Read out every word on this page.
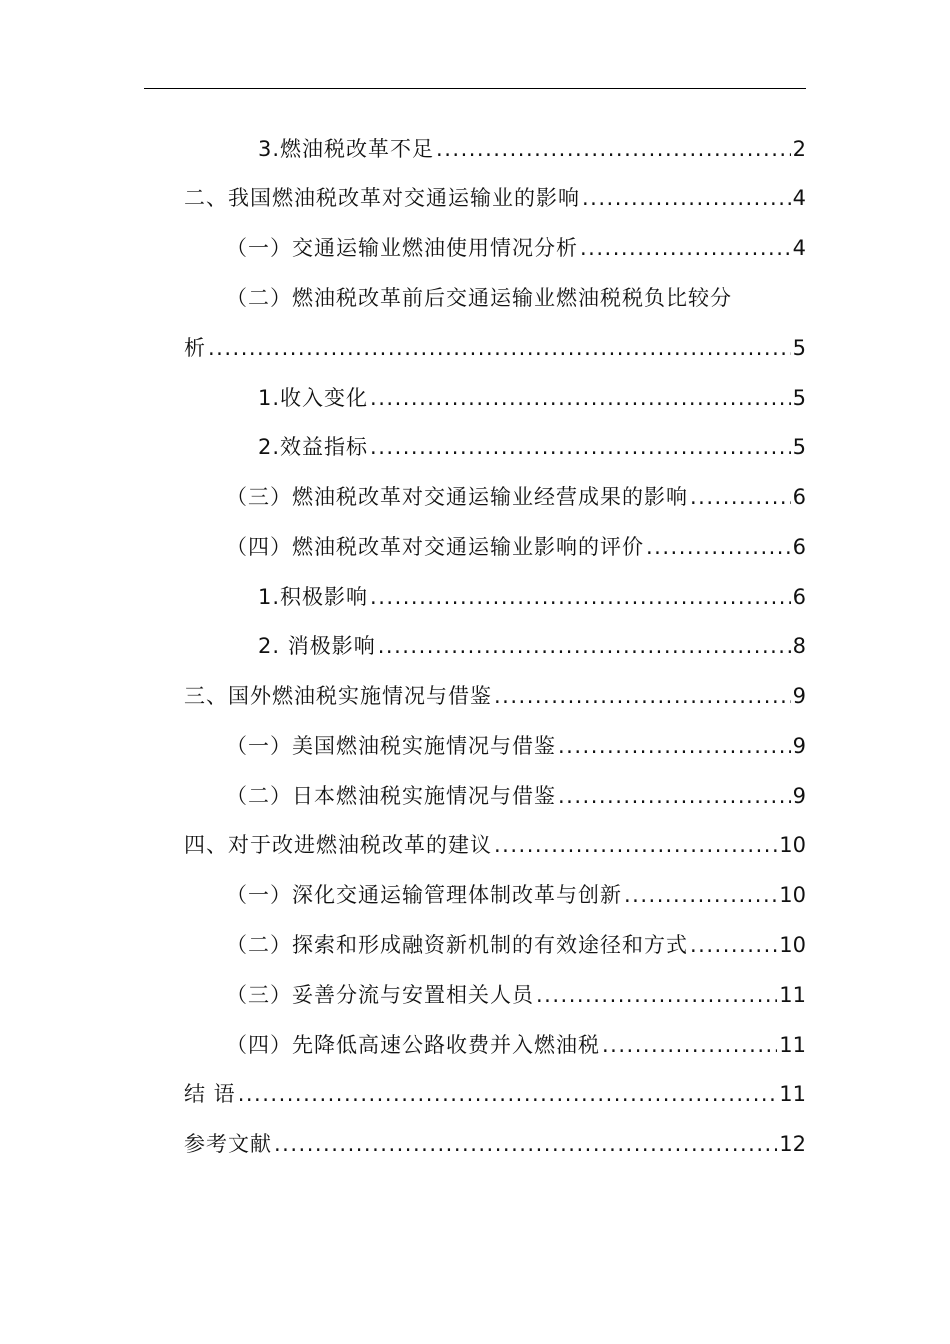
3.燃油税改革不足 .....	2
二、我国燃油税改革对交通运输业的影响 .....	4
（一）交通运输业燃油使用情况分析 .....	4
（二）燃油税改革前后交通运输业燃油税税负比较分
析 .....	5
1.收入变化 .....	5
2.效益指标 .....	5
（三）燃油税改革对交通运输业经营成果的影响 .....	6
（四）燃油税改革对交通运输业影响的评价 .....	6
1.积极影响 .....	6
2. 消极影响 .....	8
三、国外燃油税实施情况与借鉴 .....	9
（一）美国燃油税实施情况与借鉴 .....	9
（二）日本燃油税实施情况与借鉴 .....	9
四、对于改进燃油税改革的建议 .....	10
（一）深化交通运输管理体制改革与创新 .....	10
（二）探索和形成融资新机制的有效途径和方式 .....	10
（三）妥善分流与安置相关人员 .....	11
（四）先降低高速公路收费并入燃油税 .....	11
结 语 .....	11
参考文献 .....	12
